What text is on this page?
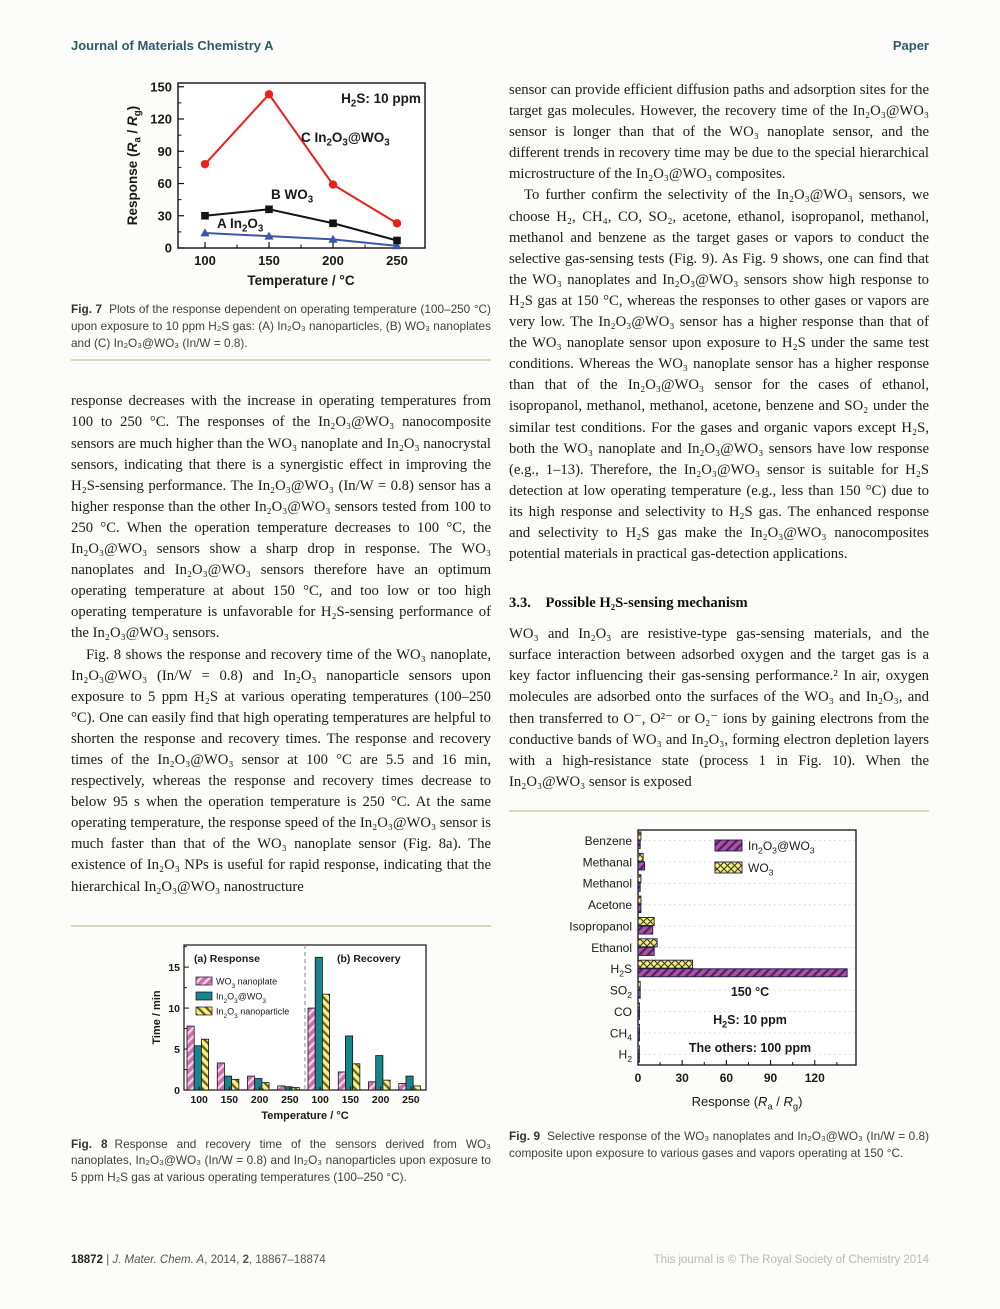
Journal of Materials Chemistry A	Paper
100	150	200	250
0
30
60
90
120
150
A $In_2O_3$
B $WO_3$
C $In_2O_3@WO_3$
$H_2S$: 10 ppm
Temperature / °C
Response $(R_a / R_g)$

Fig. 7 Plots of the response dependent on operating temperature (100–250 °C) upon exposure to 10 ppm H₂S gas: (A) In₂O₃ nanoparticles, (B) WO₃ nanoplates and (C) In₂O₃@WO₃ (In/W = 0.8).

response decreases with the increase in operating temperatures from 100 to 250 °C. The responses of the In₂O₃@WO₃ nanocomposite sensors are much higher than the WO₃ nanoplate and In₂O₃ nanocrystal sensors, indicating that there is a synergistic effect in improving the H₂S-sensing performance. The In₂O₃@WO₃ (In/W = 0.8) sensor has a higher response than the other In₂O₃@WO₃ sensors tested from 100 to 250 °C. When the operation temperature decreases to 100 °C, the In₂O₃@WO₃ sensors show a sharp drop in response. The WO₃ nanoplates and In₂O₃@WO₃ sensors therefore have an optimum operating temperature at about 150 °C, and too low or too high operating temperature is unfavorable for H₂S-sensing performance of the In₂O₃@WO₃ sensors.

Fig. 8 shows the response and recovery time of the WO₃ nanoplate, In₂O₃@WO₃ (In/W = 0.8) and In₂O₃ nanoparticle sensors upon exposure to 5 ppm H₂S at various operating temperatures (100–250 °C). One can easily find that high operating temperatures are helpful to shorten the response and recovery times. The response and recovery times of the In₂O₃@WO₃ sensor at 100 °C are 5.5 and 16 min, respectively, whereas the response and recovery times decrease to below 95 s when the operation temperature is 250 °C. At the same operating temperature, the response speed of the In₂O₃@WO₃ sensor is much faster than that of the WO₃ nanoplate sensor (Fig. 8a). The existence of In₂O₃ NPs is useful for rapid response, indicating that the hierarchical In₂O₃@WO₃ nanostructure

0
5
10
15
100 150 200 250 100 150 200 250
(a) Response	(b) Recovery
$WO_3$ nanoplate
$In_2O_3@WO_3$
$In_2O_3$ nanoparticle
Temperature / °C
Time / min

Fig. 8 Response and recovery time of the sensors derived from WO₃ nanoplates, In₂O₃@WO₃ (In/W = 0.8) and In₂O₃ nanoparticles upon exposure to 5 ppm H₂S gas at various operating temperatures (100–250 °C).

sensor can provide efficient diffusion paths and adsorption sites for the target gas molecules. However, the recovery time of the In₂O₃@WO₃ sensor is longer than that of the WO₃ nanoplate sensor, and the different trends in recovery time may be due to the special hierarchical microstructure of the In₂O₃@WO₃ composites.

To further confirm the selectivity of the In₂O₃@WO₃ sensors, we choose H₂, CH₄, CO, SO₂, acetone, ethanol, isopropanol, methanol, methanol and benzene as the target gases or vapors to conduct the selective gas-sensing tests (Fig. 9). As Fig. 9 shows, one can find that the WO₃ nanoplates and In₂O₃@WO₃ sensors show high response to H₂S gas at 150 °C, whereas the responses to other gases or vapors are very low. The In₂O₃@WO₃ sensor has a higher response than that of the WO₃ nanoplate sensor upon exposure to H₂S under the same test conditions. Whereas the WO₃ nanoplate sensor has a higher response than that of the In₂O₃@WO₃ sensor for the cases of ethanol, isopropanol, methanol, methanol, acetone, benzene and SO₂ under the similar test conditions. For the gases and organic vapors except H₂S, both the WO₃ nanoplate and In₂O₃@WO₃ sensors have low response (e.g., 1–13). Therefore, the In₂O₃@WO₃ sensor is suitable for H₂S detection at low operating temperature (e.g., less than 150 °C) due to its high response and selectivity to H₂S gas. The enhanced response and selectivity to H₂S gas make the In₂O₃@WO₃ nanocomposites potential materials in practical gas-detection applications.

3.3. Possible H₂S-sensing mechanism

WO₃ and In₂O₃ are resistive-type gas-sensing materials, and the surface interaction between adsorbed oxygen and the target gas is a key factor influencing their gas-sensing performance.² In air, oxygen molecules are adsorbed onto the surfaces of the WO₃ and In₂O₃, and then transferred to O⁻, O²⁻ or O₂⁻ ions by gaining electrons from the conductive bands of WO₃ and In₂O₃, forming electron depletion layers with a high-resistance state (process 1 in Fig. 10). When the In₂O₃@WO₃ sensor is exposed

Benzene
Methanal
Methanol
Acetone
Isopropanol
Ethanol
$H_2S$
$SO_2$
CO
$CH_4$
$H_2$
0	30	60	90 120
$In_2O_3@WO_3$
$WO_3$
150 °C
$H_2S$: 10 ppm
The others: 100 ppm
Response $(R_a / R_g)$

Fig. 9 Selective response of the WO₃ nanoplates and In₂O₃@WO₃ (In/W = 0.8) composite upon exposure to various gases and vapors operating at 150 °C.

18872 | J. Mater. Chem. A, 2014, 2, 18867–18874	This journal is © The Royal Society of Chemistry 2014
